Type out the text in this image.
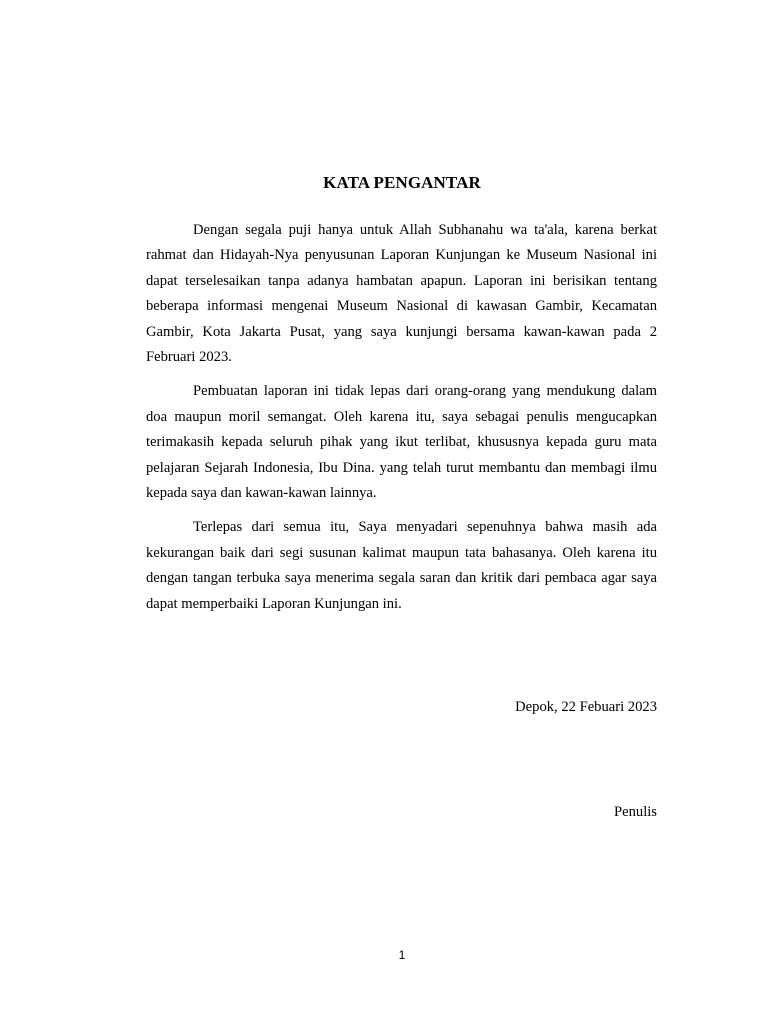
KATA PENGANTAR

Dengan segala puji hanya untuk Allah Subhanahu wa ta'ala, karena berkat rahmat dan Hidayah-Nya penyusunan Laporan Kunjungan ke Museum Nasional ini dapat terselesaikan tanpa adanya hambatan apapun. Laporan ini berisikan tentang beberapa informasi mengenai Museum Nasional di kawasan Gambir, Kecamatan Gambir, Kota Jakarta Pusat, yang saya kunjungi bersama kawan-kawan pada 2 Februari 2023.

Pembuatan laporan ini tidak lepas dari orang-orang yang mendukung dalam doa maupun moril semangat. Oleh karena itu, saya sebagai penulis mengucapkan terimakasih kepada seluruh pihak yang ikut terlibat, khususnya kepada guru mata pelajaran Sejarah Indonesia, Ibu Dina. yang telah turut membantu dan membagi ilmu kepada saya dan kawan-kawan lainnya.

Terlepas dari semua itu, Saya menyadari sepenuhnya bahwa masih ada kekurangan baik dari segi susunan kalimat maupun tata bahasanya. Oleh karena itu dengan tangan terbuka saya menerima segala saran dan kritik dari pembaca agar saya dapat memperbaiki Laporan Kunjungan ini.

Depok, 22 Febuari 2023
Penulis
1
